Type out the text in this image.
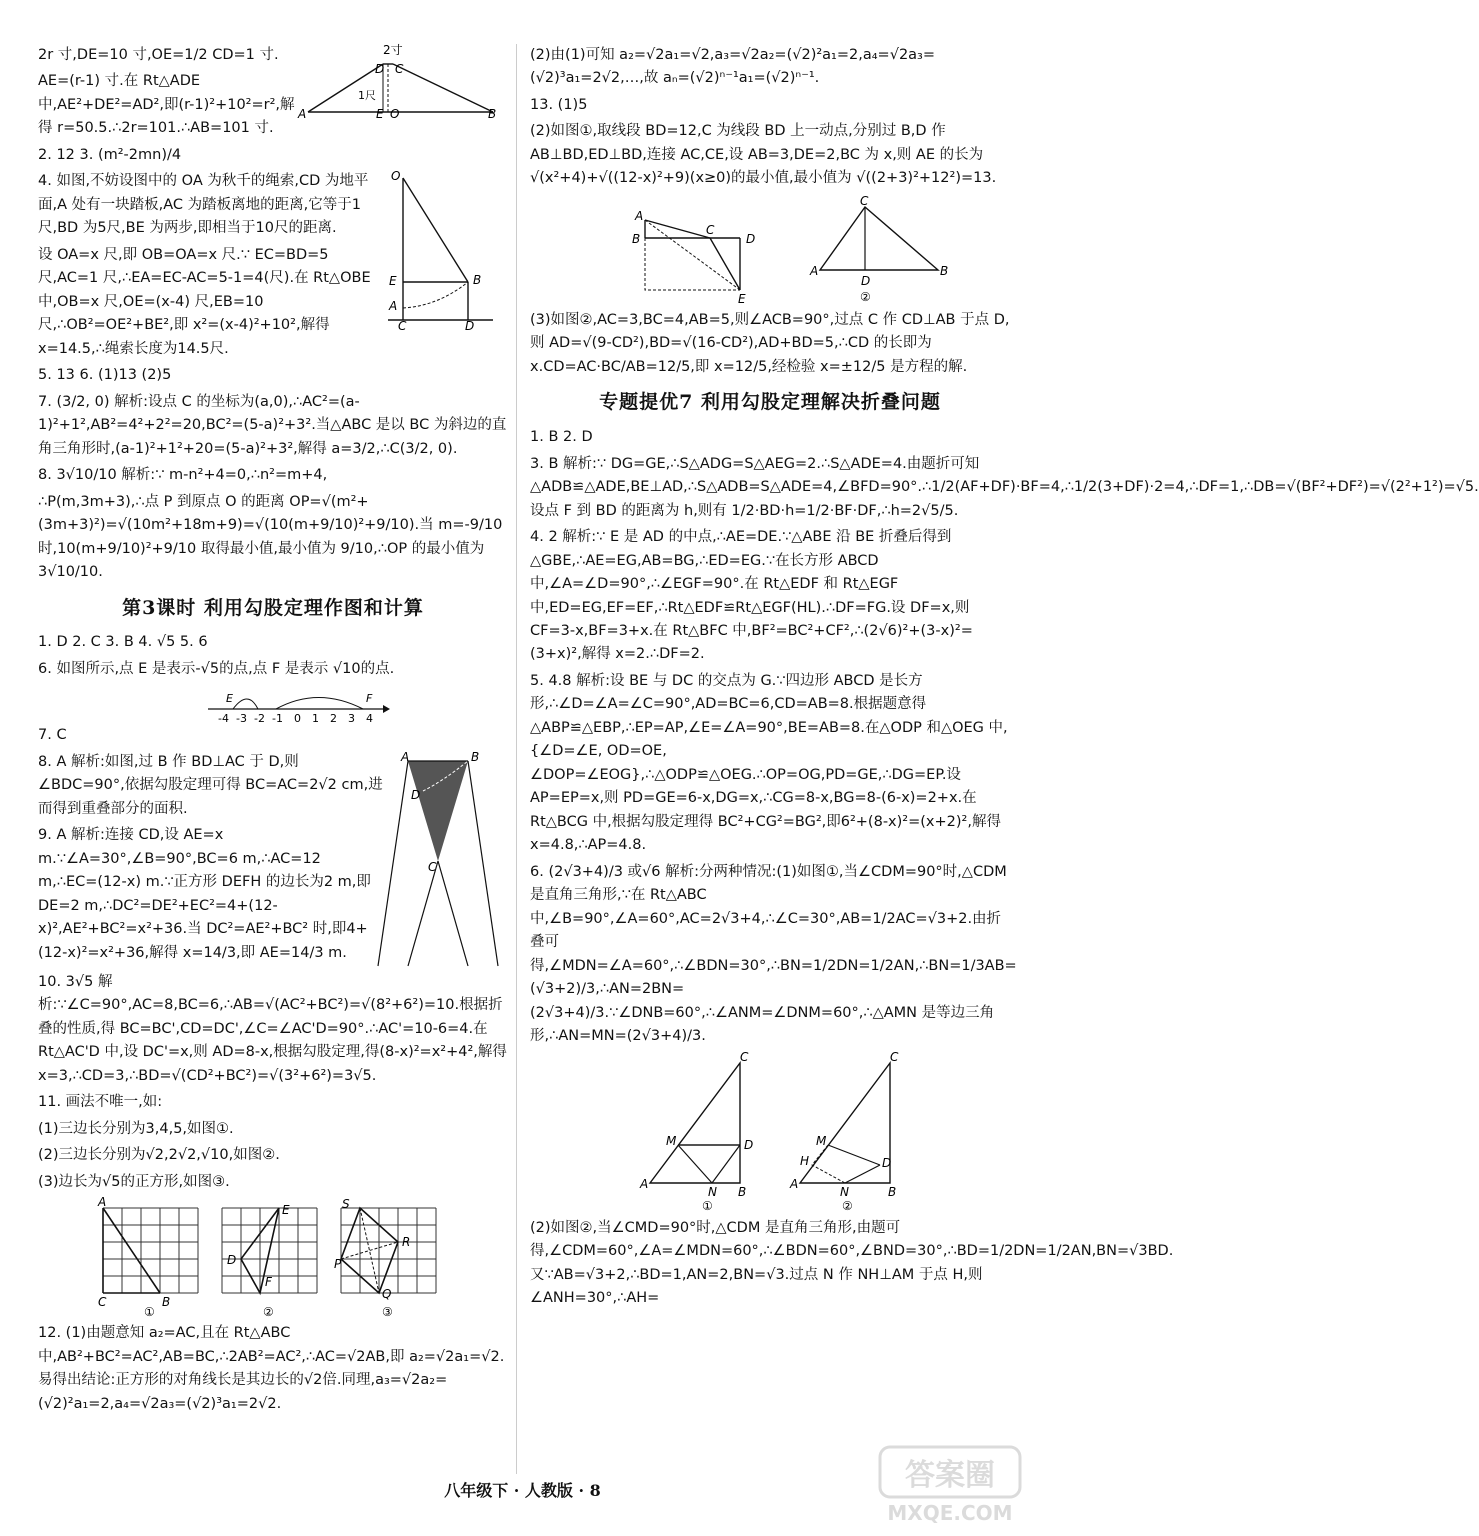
2r 寸,DE=10 寸,OE=1/2 CD=1 寸.

AE=(r-1) 寸.在 Rt△ADE 中,AE²+DE²=AD²,即(r-1)²+10²=r²,解得 r=50.5.∴2r=101.∴AB=101 寸.

2寸
D C
1尺
A	E O	B

2. 12 3. (m²-2mn)/4

4. 如图,不妨设图中的 OA 为秋千的绳索,CD 为地平面,A 处有一块踏板,AC 为踏板离地的距离,它等于1尺,BD 为5尺,BE 为两步,即相当于10尺的距离.

设 OA=x 尺,即 OB=OA=x 尺.∵ EC=BD=5 尺,AC=1 尺,∴EA=EC-AC=5-1=4(尺).在 Rt△OBE 中,OB=x 尺,OE=(x-4) 尺,EB=10 尺,∴OB²=OE²+BE²,即 x²=(x-4)²+10²,解得 x=14.5,∴绳索长度为14.5尺.

O
E	B
A
C	D

5. 13 6. (1)13 (2)5

7. (3/2, 0) 解析:设点 C 的坐标为(a,0),∴AC²=(a-1)²+1²,AB²=4²+2²=20,BC²=(5-a)²+3².当△ABC 是以 BC 为斜边的直角三角形时,(a-1)²+1²+20=(5-a)²+3²,解得 a=3/2,∴C(3/2, 0).

8. 3√10/10 解析:∵ m-n²+4=0,∴n²=m+4,

∴P(m,3m+3),∴点 P 到原点 O 的距离 OP=√(m²+(3m+3)²)=√(10m²+18m+9)=√(10(m+9/10)²+9/10).当 m=-9/10 时,10(m+9/10)²+9/10 取得最小值,最小值为 9/10,∴OP 的最小值为 3√10/10.

第3课时 利用勾股定理作图和计算

1. D 2. C 3. B 4. √5 5. 6

6. 如图所示,点 E 是表示-√5的点,点 F 是表示 √10的点.

-4 -3 -2 -1 0 1 2 3 4
E	F

7. C

8. A 解析:如图,过 B 作 BD⊥AC 于 D,则∠BDC=90°,依据勾股定理可得 BC=AC=2√2 cm,进而得到重叠部分的面积.

9. A 解析:连接 CD,设 AE=x m.∵∠A=30°,∠B=90°,BC=6 m,∴AC=12 m,∴EC=(12-x) m.∵正方形 DEFH 的边长为2 m,即 DE=2 m,∴DC²=DE²+EC²=4+(12-x)²,AE²+BC²=x²+36.当 DC²=AE²+BC² 时,即4+(12-x)²=x²+36,解得 x=14/3,即 AE=14/3 m.

A	B
D
C

10. 3√5 解析:∵∠C=90°,AC=8,BC=6,∴AB=√(AC²+BC²)=√(8²+6²)=10.根据折叠的性质,得 BC=BC',CD=DC',∠C=∠AC'D=90°.∴AC'=10-6=4.在 Rt△AC'D 中,设 DC'=x,则 AD=8-x,根据勾股定理,得(8-x)²=x²+4²,解得 x=3,∴CD=3,∴BD=√(CD²+BC²)=√(3²+6²)=3√5.

11. 画法不唯一,如:

(1)三边长分别为3,4,5,如图①.

(2)三边长分别为√2,2√2,√10,如图②.

(3)边长为√5的正方形,如图③.

A
C	B
①
E
D
F
②
S
R
P
Q
③

12. (1)由题意知 a₂=AC,且在 Rt△ABC 中,AB²+BC²=AC²,AB=BC,∴2AB²=AC²,∴AC=√2AB,即 a₂=√2a₁=√2.易得出结论:正方形的对角线长是其边长的√2倍.同理,a₃=√2a₂=(√2)²a₁=2,a₄=√2a₃=(√2)³a₁=2√2.

(2)由(1)可知 a₂=√2a₁=√2,a₃=√2a₂=(√2)²a₁=2,a₄=√2a₃=(√2)³a₁=2√2,…,故 aₙ=(√2)ⁿ⁻¹a₁=(√2)ⁿ⁻¹.

13. (1)5

(2)如图①,取线段 BD=12,C 为线段 BD 上一动点,分别过 B,D 作 AB⊥BD,ED⊥BD,连接 AC,CE,设 AB=3,DE=2,BC 为 x,则 AE 的长为 √(x²+4)+√((12-x)²+9)(x≥0)的最小值,最小值为 √((2+3)²+12²)=13.

A
B
C
D
E
C
A
D
B
②

(3)如图②,AC=3,BC=4,AB=5,则∠ACB=90°,过点 C 作 CD⊥AB 于点 D,则 AD=√(9-CD²),BD=√(16-CD²),AD+BD=5,∴CD 的长即为 x.CD=AC·BC/AB=12/5,即 x=12/5,经检验 x=±12/5 是方程的解.

专题提优7 利用勾股定理解决折叠问题

1. B 2. D

3. B 解析:∵ DG=GE,∴S△ADG=S△AEG=2.∴S△ADE=4.由题折可知△ADB≌△ADE,BE⊥AD,∴S△ADB=S△ADE=4,∠BFD=90°.∴1/2(AF+DF)·BF=4,∴1/2(3+DF)·2=4,∴DF=1,∴DB=√(BF²+DF²)=√(2²+1²)=√5.设点 F 到 BD 的距离为 h,则有 1/2·BD·h=1/2·BF·DF,∴h=2√5/5.

4. 2 解析:∵ E 是 AD 的中点,∴AE=DE.∵△ABE 沿 BE 折叠后得到△GBE,∴AE=EG,AB=BG,∴ED=EG.∵在长方形 ABCD 中,∠A=∠D=90°,∴∠EGF=90°.在 Rt△EDF 和 Rt△EGF 中,ED=EG,EF=EF,∴Rt△EDF≌Rt△EGF(HL).∴DF=FG.设 DF=x,则 CF=3-x,BF=3+x.在 Rt△BFC 中,BF²=BC²+CF²,∴(2√6)²+(3-x)²=(3+x)²,解得 x=2.∴DF=2.

5. 4.8 解析:设 BE 与 DC 的交点为 G.∵四边形 ABCD 是长方形,∴∠D=∠A=∠C=90°,AD=BC=6,CD=AB=8.根据题意得△ABP≌△EBP,∴EP=AP,∠E=∠A=90°,BE=AB=8.在△ODP 和△OEG 中,{∠D=∠E, OD=OE, ∠DOP=∠EOG},∴△ODP≌△OEG.∴OP=OG,PD=GE,∴DG=EP.设 AP=EP=x,则 PD=GE=6-x,DG=x,∴CG=8-x,BG=8-(6-x)=2+x.在 Rt△BCG 中,根据勾股定理得 BC²+CG²=BG²,即6²+(8-x)²=(x+2)²,解得 x=4.8,∴AP=4.8.

6. (2√3+4)/3 或√6 解析:分两种情况:(1)如图①,当∠CDM=90°时,△CDM 是直角三角形,∵在 Rt△ABC 中,∠B=90°,∠A=60°,AC=2√3+4,∴∠C=30°,AB=1/2AC=√3+2.由折叠可得,∠MDN=∠A=60°,∴∠BDN=30°,∴BN=1/2DN=1/2AN,∴BN=1/3AB=(√3+2)/3,∴AN=2BN=(2√3+4)/3.∵∠DNB=60°,∴∠ANM=∠DNM=60°,∴△AMN 是等边三角形,∴AN=MN=(2√3+4)/3.

C
M	D
A
N B
①
C
M
D
A
N	B
H
②

(2)如图②,当∠CMD=90°时,△CDM 是直角三角形,由题可得,∠CDM=60°,∠A=∠MDN=60°,∴∠BDN=60°,∠BND=30°,∴BD=1/2DN=1/2AN,BN=√3BD.又∵AB=√3+2,∴BD=1,AN=2,BN=√3.过点 N 作 NH⊥AM 于点 H,则∠ANH=30°,∴AH=

八年级下 · 人教版 · 8	答案圈
MXQE.COM
